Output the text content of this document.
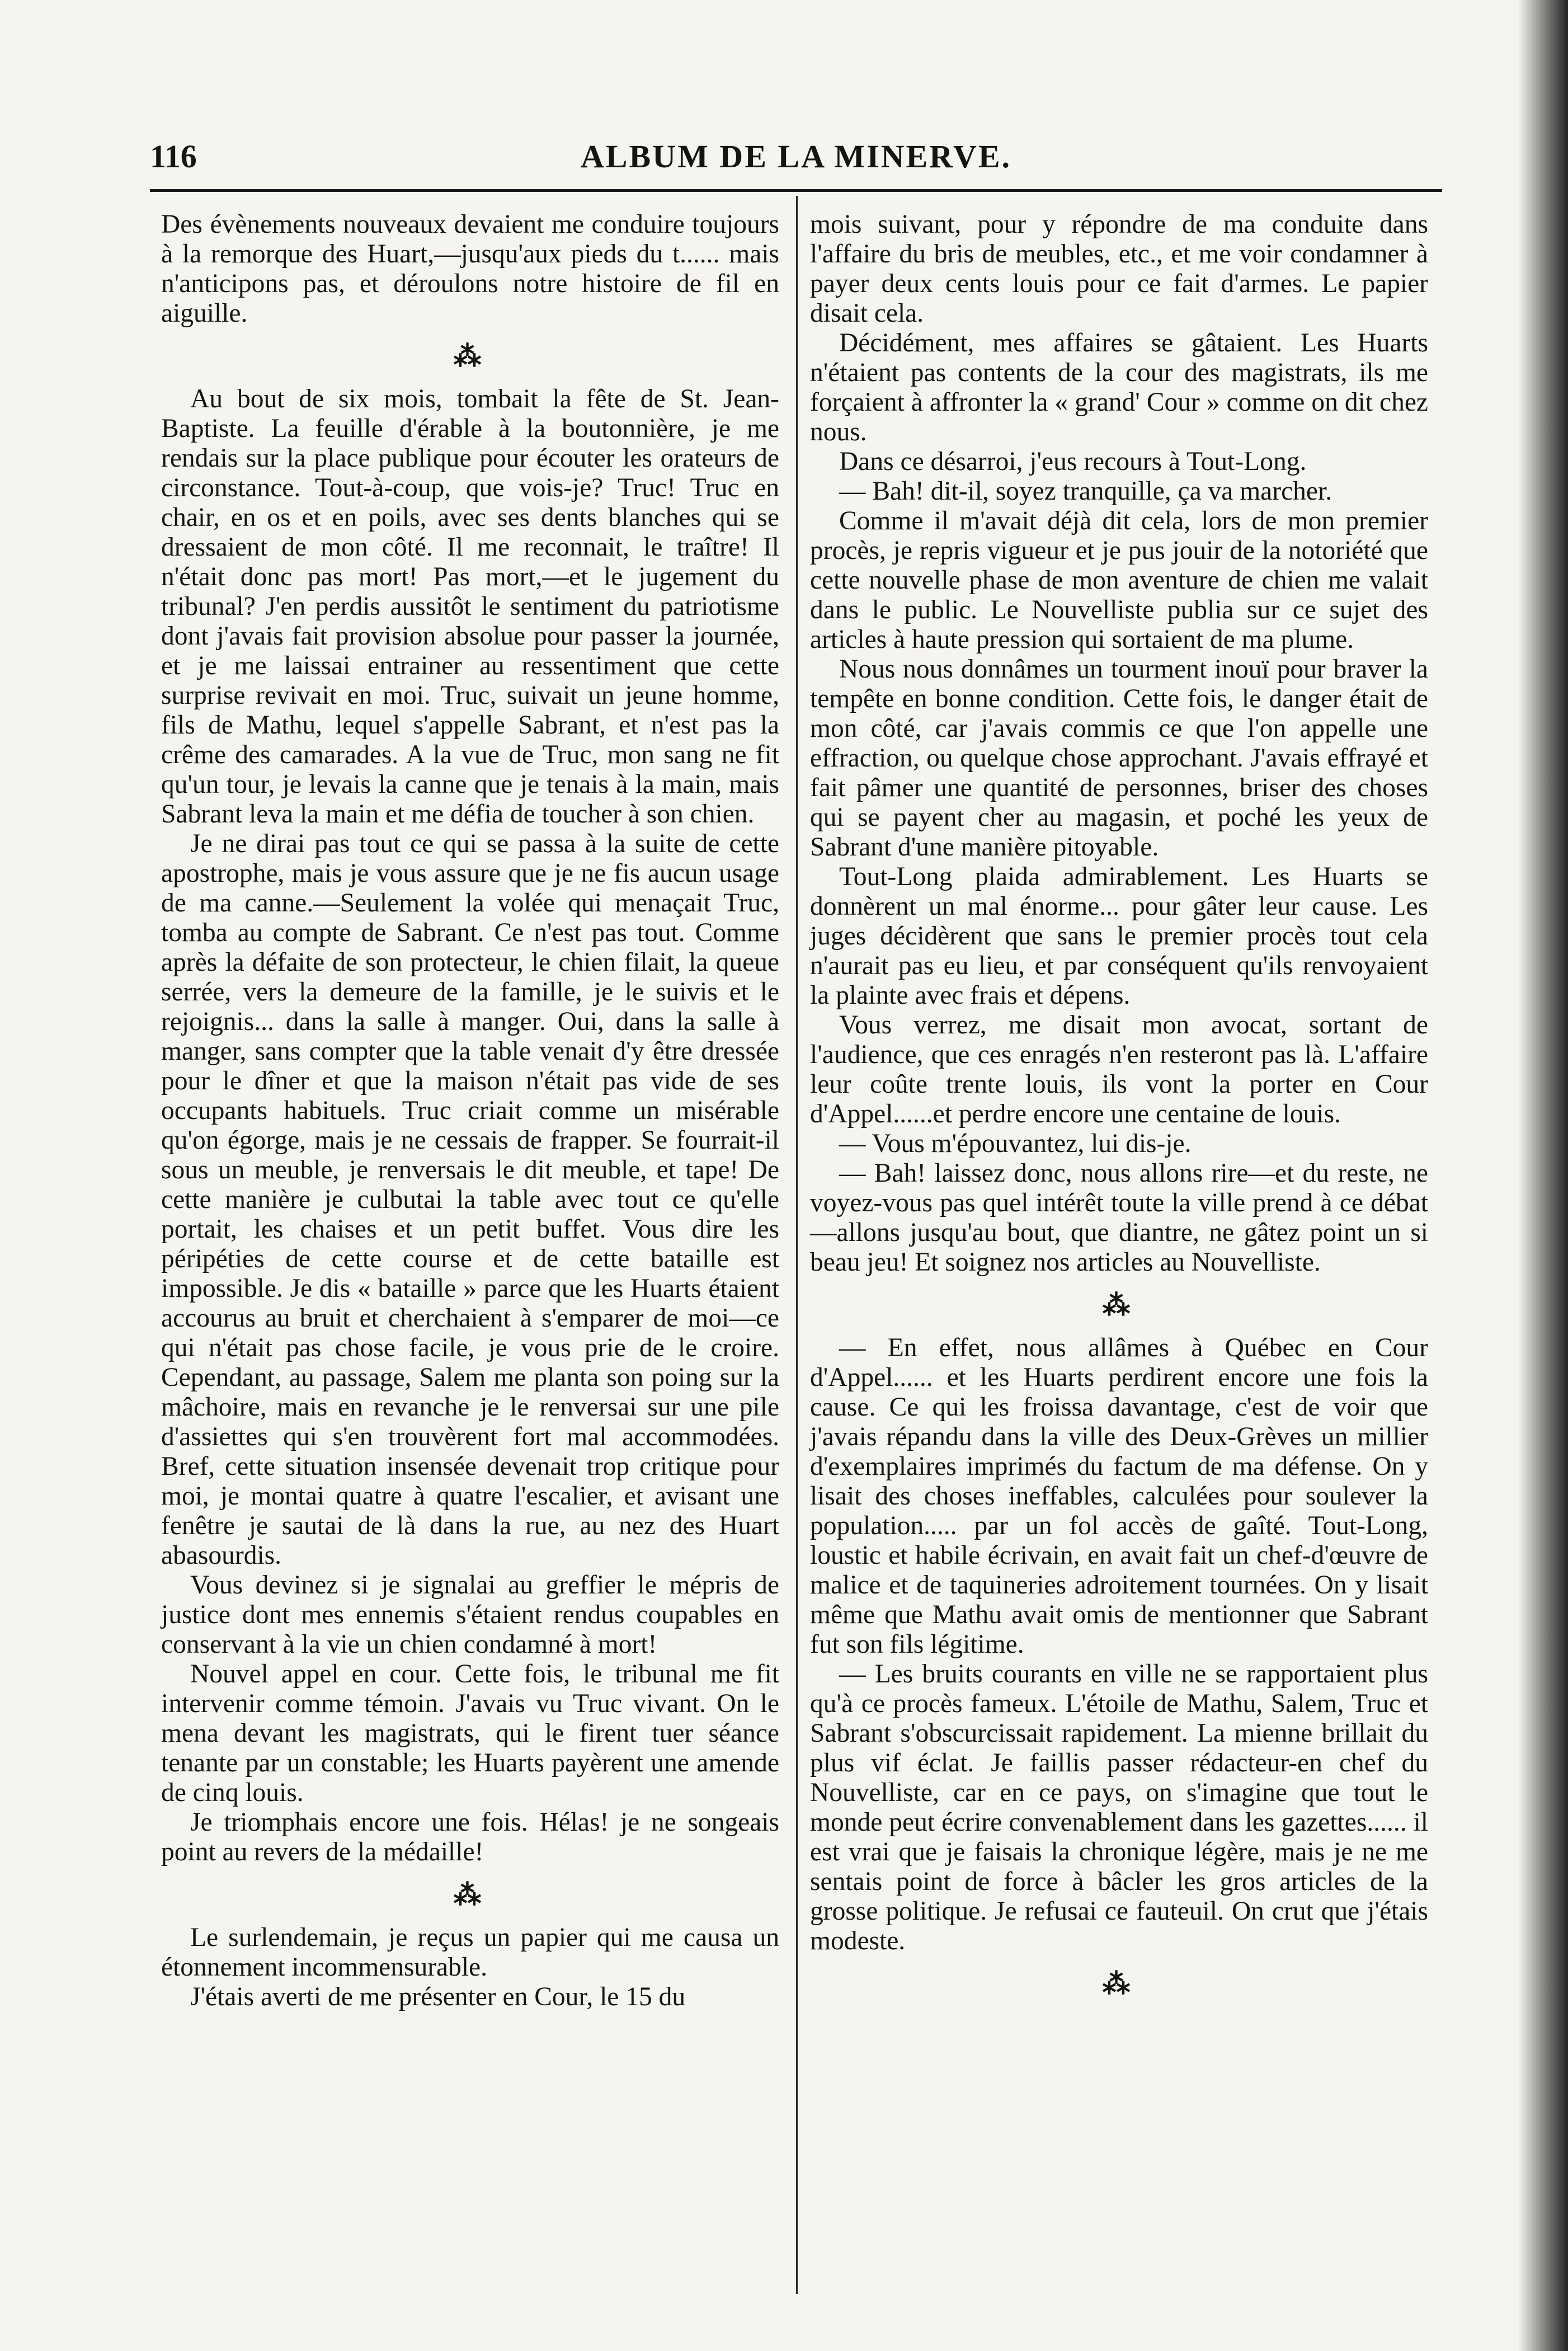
116	ALBUM DE LA MINERVE.

Des évènements nouveaux devaient me conduire toujours à la remorque des Huart,—jusqu'aux pieds du t...... mais n'anticipons pas, et déroulons notre histoire de fil en aiguille.

⁂

Au bout de six mois, tombait la fête de St. Jean-Baptiste. La feuille d'érable à la boutonnière, je me rendais sur la place publique pour écouter les orateurs de circonstance. Tout-à-coup, que vois-je? Truc! Truc en chair, en os et en poils, avec ses dents blanches qui se dressaient de mon côté. Il me reconnait, le traître! Il n'était donc pas mort! Pas mort,—et le jugement du tribunal? J'en perdis aussitôt le sentiment du patriotisme dont j'avais fait provision absolue pour passer la journée, et je me laissai entrainer au ressentiment que cette surprise revivait en moi. Truc, suivait un jeune homme, fils de Mathu, lequel s'appelle Sabrant, et n'est pas la crême des camarades. A la vue de Truc, mon sang ne fit qu'un tour, je levais la canne que je tenais à la main, mais Sabrant leva la main et me défia de toucher à son chien.

Je ne dirai pas tout ce qui se passa à la suite de cette apostrophe, mais je vous assure que je ne fis aucun usage de ma canne.—Seulement la volée qui menaçait Truc, tomba au compte de Sabrant. Ce n'est pas tout. Comme après la défaite de son protecteur, le chien filait, la queue serrée, vers la demeure de la famille, je le suivis et le rejoignis... dans la salle à manger. Oui, dans la salle à manger, sans compter que la table venait d'y être dressée pour le dîner et que la maison n'était pas vide de ses occupants habituels. Truc criait comme un misérable qu'on égorge, mais je ne cessais de frapper. Se fourrait-il sous un meuble, je renversais le dit meuble, et tape! De cette manière je culbutai la table avec tout ce qu'elle portait, les chaises et un petit buffet. Vous dire les péripéties de cette course et de cette bataille est impossible. Je dis « bataille » parce que les Huarts étaient accourus au bruit et cherchaient à s'emparer de moi—ce qui n'était pas chose facile, je vous prie de le croire. Cependant, au passage, Salem me planta son poing sur la mâchoire, mais en revanche je le renversai sur une pile d'assiettes qui s'en trouvèrent fort mal accommodées. Bref, cette situation insensée devenait trop critique pour moi, je montai quatre à quatre l'escalier, et avisant une fenêtre je sautai de là dans la rue, au nez des Huart abasourdis.

Vous devinez si je signalai au greffier le mépris de justice dont mes ennemis s'étaient rendus coupables en conservant à la vie un chien condamné à mort!

Nouvel appel en cour. Cette fois, le tribunal me fit intervenir comme témoin. J'avais vu Truc vivant. On le mena devant les magistrats, qui le firent tuer séance tenante par un constable; les Huarts payèrent une amende de cinq louis.

Je triomphais encore une fois. Hélas! je ne songeais point au revers de la médaille!

⁂

Le surlendemain, je reçus un papier qui me causa un étonnement incommensurable.

J'étais averti de me présenter en Cour, le 15 du

mois suivant, pour y répondre de ma conduite dans l'affaire du bris de meubles, etc., et me voir condamner à payer deux cents louis pour ce fait d'armes. Le papier disait cela.

Décidément, mes affaires se gâtaient. Les Huarts n'étaient pas contents de la cour des magistrats, ils me forçaient à affronter la « grand' Cour » comme on dit chez nous.

Dans ce désarroi, j'eus recours à Tout-Long.

— Bah! dit-il, soyez tranquille, ça va marcher.

Comme il m'avait déjà dit cela, lors de mon premier procès, je repris vigueur et je pus jouir de la notoriété que cette nouvelle phase de mon aventure de chien me valait dans le public. Le Nouvelliste publia sur ce sujet des articles à haute pression qui sortaient de ma plume.

Nous nous donnâmes un tourment inouï pour braver la tempête en bonne condition. Cette fois, le danger était de mon côté, car j'avais commis ce que l'on appelle une effraction, ou quelque chose approchant. J'avais effrayé et fait pâmer une quantité de personnes, briser des choses qui se payent cher au magasin, et poché les yeux de Sabrant d'une manière pitoyable.

Tout-Long plaida admirablement. Les Huarts se donnèrent un mal énorme... pour gâter leur cause. Les juges décidèrent que sans le premier procès tout cela n'aurait pas eu lieu, et par conséquent qu'ils renvoyaient la plainte avec frais et dépens.

Vous verrez, me disait mon avocat, sortant de l'audience, que ces enragés n'en resteront pas là. L'affaire leur coûte trente louis, ils vont la porter en Cour d'Appel......et perdre encore une centaine de louis.

— Vous m'épouvantez, lui dis-je.

— Bah! laissez donc, nous allons rire—et du reste, ne voyez-vous pas quel intérêt toute la ville prend à ce débat—allons jusqu'au bout, que diantre, ne gâtez point un si beau jeu! Et soignez nos articles au Nouvelliste.

⁂

— En effet, nous allâmes à Québec en Cour d'Appel...... et les Huarts perdirent encore une fois la cause. Ce qui les froissa davantage, c'est de voir que j'avais répandu dans la ville des Deux-Grèves un millier d'exemplaires imprimés du factum de ma défense. On y lisait des choses ineffables, calculées pour soulever la population..... par un fol accès de gaîté. Tout-Long, loustic et habile écrivain, en avait fait un chef-d'œuvre de malice et de taquineries adroitement tournées. On y lisait même que Mathu avait omis de mentionner que Sabrant fut son fils légitime.

— Les bruits courants en ville ne se rapportaient plus qu'à ce procès fameux. L'étoile de Mathu, Salem, Truc et Sabrant s'obscurcissait rapidement. La mienne brillait du plus vif éclat. Je faillis passer rédacteur-en chef du Nouvelliste, car en ce pays, on s'imagine que tout le monde peut écrire convenablement dans les gazettes...... il est vrai que je faisais la chronique légère, mais je ne me sentais point de force à bâcler les gros articles de la grosse politique. Je refusai ce fauteuil. On crut que j'étais modeste.

⁂
